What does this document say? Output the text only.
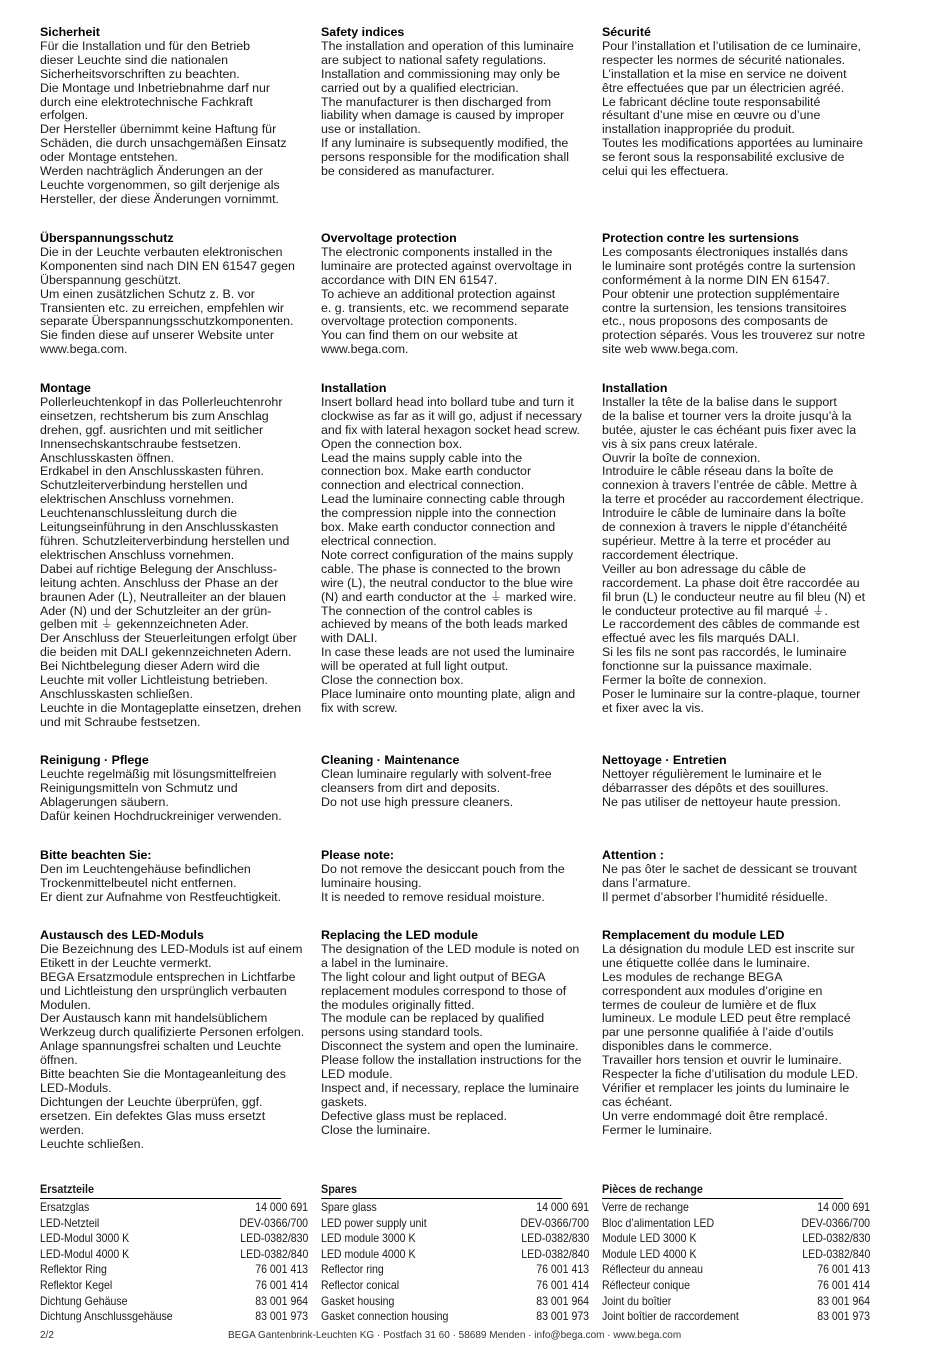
Sicherheit
Für die Installation und für den Betrieb
dieser Leuchte sind die nationalen
Sicherheitsvorschriften zu beachten.
Die Montage und Inbetriebnahme darf nur
durch eine elektrotechnische Fachkraft
erfolgen.
Der Hersteller übernimmt keine Haftung für
Schäden, die durch unsachgemäßen Einsatz
oder Montage entstehen.
Werden nachträglich Änderungen an der
Leuchte vorgenommen, so gilt derjenige als
Hersteller, der diese Änderungen vornimmt.
Überspannungsschutz
Die in der Leuchte verbauten elektronischen
Komponenten sind nach DIN EN 61547 gegen
Überspannung geschützt.
Um einen zusätzlichen Schutz z. B. vor
Transienten etc. zu erreichen, empfehlen wir
separate Überspannungsschutzkomponenten.
Sie finden diese auf unserer Website unter
www.bega.com.
Montage
Pollerleuchtenkopf in das Pollerleuchtenrohr
einsetzen, rechtsherum bis zum Anschlag
drehen, ggf. ausrichten und mit seitlicher
Innensechskantschraube festsetzen.
Anschlusskasten öffnen.
Erdkabel in den Anschlusskasten führen.
Schutzleiterverbindung herstellen und
elektrischen Anschluss vornehmen.
Leuchtenanschlussleitung durch die
Leitungseinführung in den Anschlusskasten
führen. Schutzleiterverbindung herstellen und
elektrischen Anschluss vornehmen.
Dabei auf richtige Belegung der Anschluss-
leitung achten. Anschluss der Phase an der
braunen Ader (L), Neutralleiter an der blauen
Ader (N) und der Schutzleiter an der grün-
gelben mit ⏚ gekennzeichneten Ader.
Der Anschluss der Steuerleitungen erfolgt über
die beiden mit DALI gekennzeichneten Adern.
Bei Nichtbelegung dieser Adern wird die
Leuchte mit voller Lichtleistung betrieben.
Anschlusskasten schließen.
Leuchte in die Montageplatte einsetzen, drehen
und mit Schraube festsetzen.
Reinigung · Pflege
Leuchte regelmäßig mit lösungsmittelfreien
Reinigungsmitteln von Schmutz und
Ablagerungen säubern.
Dafür keinen Hochdruckreiniger verwenden.
Bitte beachten Sie:
Den im Leuchtengehäuse befindlichen
Trockenmittelbeutel nicht entfernen.
Er dient zur Aufnahme von Restfeuchtigkeit.
Austausch des LED-Moduls
Die Bezeichnung des LED-Moduls ist auf einem
Etikett in der Leuchte vermerkt.
BEGA Ersatzmodule entsprechen in Lichtfarbe
und Lichtleistung den ursprünglich verbauten
Modulen.
Der Austausch kann mit handelsüblichem
Werkzeug durch qualifizierte Personen erfolgen.
Anlage spannungsfrei schalten und Leuchte
öffnen.
Bitte beachten Sie die Montageanleitung des
LED-Moduls.
Dichtungen der Leuchte überprüfen, ggf.
ersetzen. Ein defektes Glas muss ersetzt
werden.
Leuchte schließen.
Safety indices
The installation and operation of this luminaire
are subject to national safety regulations.
Installation and commissioning may only be
carried out by a qualified electrician.
The manufacturer is then discharged from
liability when damage is caused by improper
use or installation.
If any luminaire is subsequently modified, the
persons responsible for the modification shall
be considered as manufacturer.
Overvoltage protection
The electronic components installed in the
luminaire are protected against overvoltage in
accordance with DIN EN 61547.
To achieve an additional protection against
e. g. transients, etc. we recommend separate
overvoltage protection components.
You can find them on our website at
www.bega.com.
Installation
Insert bollard head into bollard tube and turn it
clockwise as far as it will go, adjust if necessary
and fix with lateral hexagon socket head screw.
Open the connection box.
Lead the mains supply cable into the
connection box. Make earth conductor
connection and electrical connection.
Lead the luminaire connecting cable through
the compression nipple into the connection
box. Make earth conductor connection and
electrical connection.
Note correct configuration of the mains supply
cable. The phase is connected to the brown
wire (L), the neutral conductor to the blue wire
(N) and earth conductor at the ⏚ marked wire.
The connection of the control cables is
achieved by means of the both leads marked
with DALI.
In case these leads are not used the luminaire
will be operated at full light output.
Close the connection box.
Place luminaire onto mounting plate, align and
fix with screw.
Cleaning · Maintenance
Clean luminaire regularly with solvent-free
cleansers from dirt and deposits.
Do not use high pressure cleaners.
Please note:
Do not remove the desiccant pouch from the
luminaire housing.
It is needed to remove residual moisture.
Replacing the LED module
The designation of the LED module is noted on
a label in the luminaire.
The light colour and light output of BEGA
replacement modules correspond to those of
the modules originally fitted.
The module can be replaced by qualified
persons using standard tools.
Disconnect the system and open the luminaire.
Please follow the installation instructions for the
LED module.
Inspect and, if necessary, replace the luminaire
gaskets.
Defective glass must be replaced.
Close the luminaire.
Sécurité
Pour l’installation et l’utilisation de ce luminaire,
respecter les normes de sécurité nationales.
L’installation et la mise en service ne doivent
être effectuées que par un électricien agréé.
Le fabricant décline toute responsabilité
résultant d’une mise en œuvre ou d’une
installation inappropriée du produit.
Toutes les modifications apportées au luminaire
se feront sous la responsabilité exclusive de
celui qui les effectuera.
Protection contre les surtensions
Les composants électroniques installés dans
le luminaire sont protégés contre la surtension
conformément à la norme DIN EN 61547.
Pour obtenir une protection supplémentaire
contre la surtension, les tensions transitoires
etc., nous proposons des composants de
protection séparés. Vous les trouverez sur notre
site web www.bega.com.
Installation
Installer la tête de la balise dans le support
de la balise et tourner vers la droite jusqu’à la
butée, ajuster le cas échéant puis fixer avec la
vis à six pans creux latérale.
Ouvrir la boîte de connexion.
Introduire le câble réseau dans la boîte de
connexion à travers l’entrée de câble. Mettre à
la terre et procéder au raccordement électrique.
Introduire le câble de luminaire dans la boîte
de connexion à travers le nipple d’étanchéité
supérieur. Mettre à la terre et procéder au
raccordement électrique.
Veiller au bon adressage du câble de
raccordement. La phase doit être raccordée au
fil brun (L) le conducteur neutre au fil bleu (N) et
le conducteur protective au fil marqué ⏚.
Le raccordement des câbles de commande est
effectué avec les fils marqués DALI.
Si les fils ne sont pas raccordés, le luminaire
fonctionne sur la puissance maximale.
Fermer la boîte de connexion.
Poser le luminaire sur la contre-plaque, tourner
et fixer avec la vis.
Nettoyage · Entretien
Nettoyer régulièrement le luminaire et le
débarrasser des dépôts et des souillures.
Ne pas utiliser de nettoyeur haute pression.
Attention :
Ne pas ôter le sachet de dessicant se trouvant
dans l’armature.
Il permet d’absorber l’humidité résiduelle.
Remplacement du module LED
La désignation du module LED est inscrite sur
une étiquette collée dans le luminaire.
Les modules de rechange BEGA
correspondent aux modules d’origine en
termes de couleur de lumière et de flux
lumineux. Le module LED peut être remplacé
par une personne qualifiée à l’aide d’outils
disponibles dans le commerce.
Travailler hors tension et ouvrir le luminaire.
Respecter la fiche d’utilisation du module LED.
Vérifier et remplacer les joints du luminaire le
cas échéant.
Un verre endommagé doit être remplacé.
Fermer le luminaire.
Ersatzteile
Ersatzglas	14 000 691
LED-Netzteil	DEV-0366/700
LED-Modul 3000 K	LED-0382/830
LED-Modul 4000 K	LED-0382/840
Reflektor Ring	76 001 413
Reflektor Kegel	76 001 414
Dichtung Gehäuse	83 001 964
Dichtung Anschlussgehäuse	83 001 973
Spares
Spare glass	14 000 691
LED power supply unit	DEV-0366/700
LED module 3000 K	LED-0382/830
LED module 4000 K	LED-0382/840
Reflector ring	76 001 413
Reflector conical	76 001 414
Gasket housing	83 001 964
Gasket connection housing	83 001 973
Pièces de rechange
Verre de rechange	14 000 691
Bloc d’alimentation LED	DEV-0366/700
Module LED 3000 K	LED-0382/830
Module LED 4000 K	LED-0382/840
Réflecteur du anneau	76 001 413
Réflecteur conique	76 001 414
Joint du boîtier	83 001 964
Joint boîtier de raccordement	83 001 973
2/2	BEGA Gantenbrink-Leuchten KG · Postfach 31 60 · 58689 Menden · info@bega.com · www.bega.com
